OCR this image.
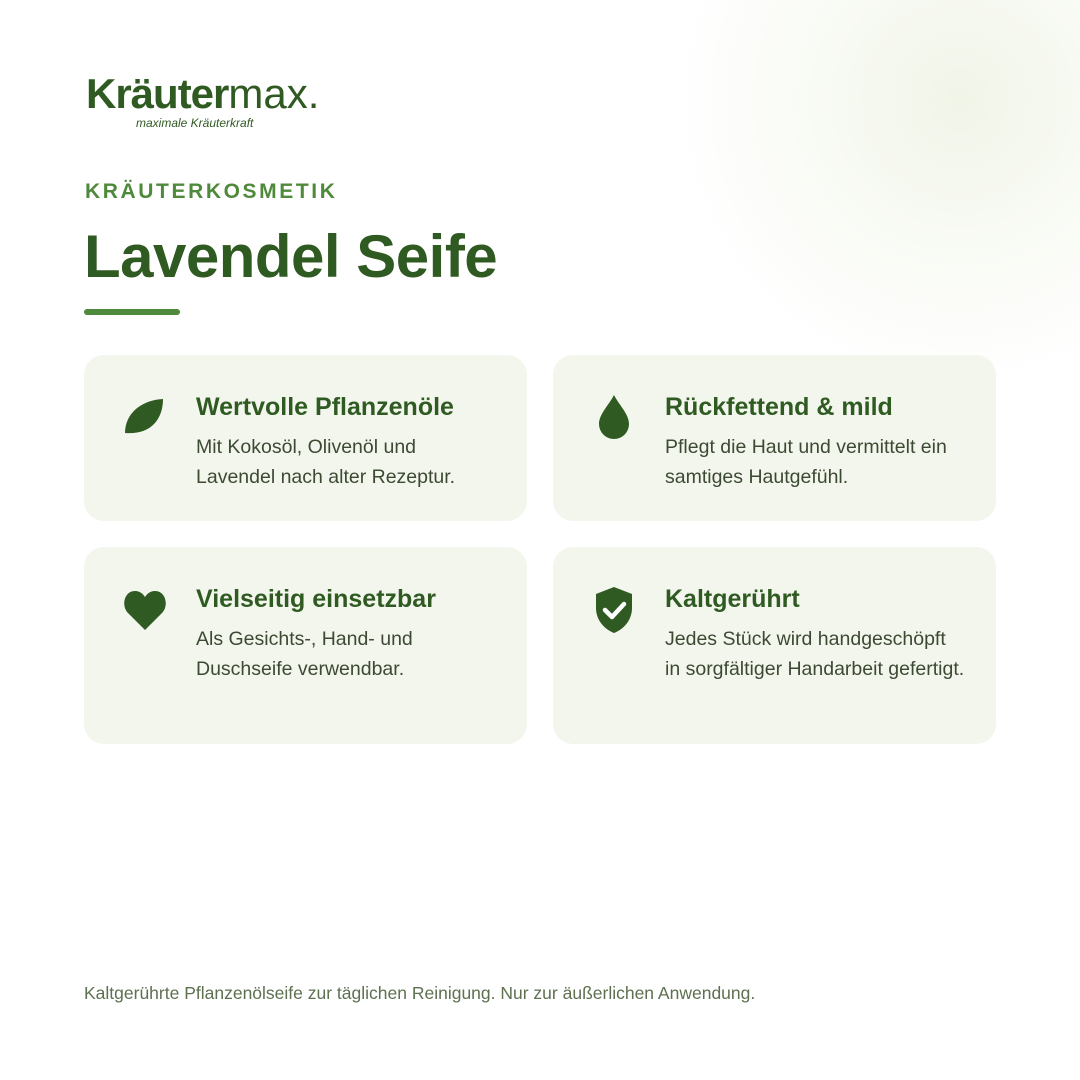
Kräutermax.
maximale Kräuterkraft
KRÄUTERKOSMETIK
Lavendel Seife
Wertvolle Pflanzenöle

Mit Kokosöl, Olivenöl und Lavendel nach alter Rezeptur.

Rückfettend & mild

Pflegt die Haut und vermittelt ein samtiges Hautgefühl.

Vielseitig einsetzbar

Als Gesichts-, Hand- und Duschseife verwendbar.

Kaltgerührt

Jedes Stück wird handgeschöpft in sorgfältiger Handarbeit gefertigt.

Kaltgerührte Pflanzenölseife zur täglichen Reinigung. Nur zur äußerlichen Anwendung.
